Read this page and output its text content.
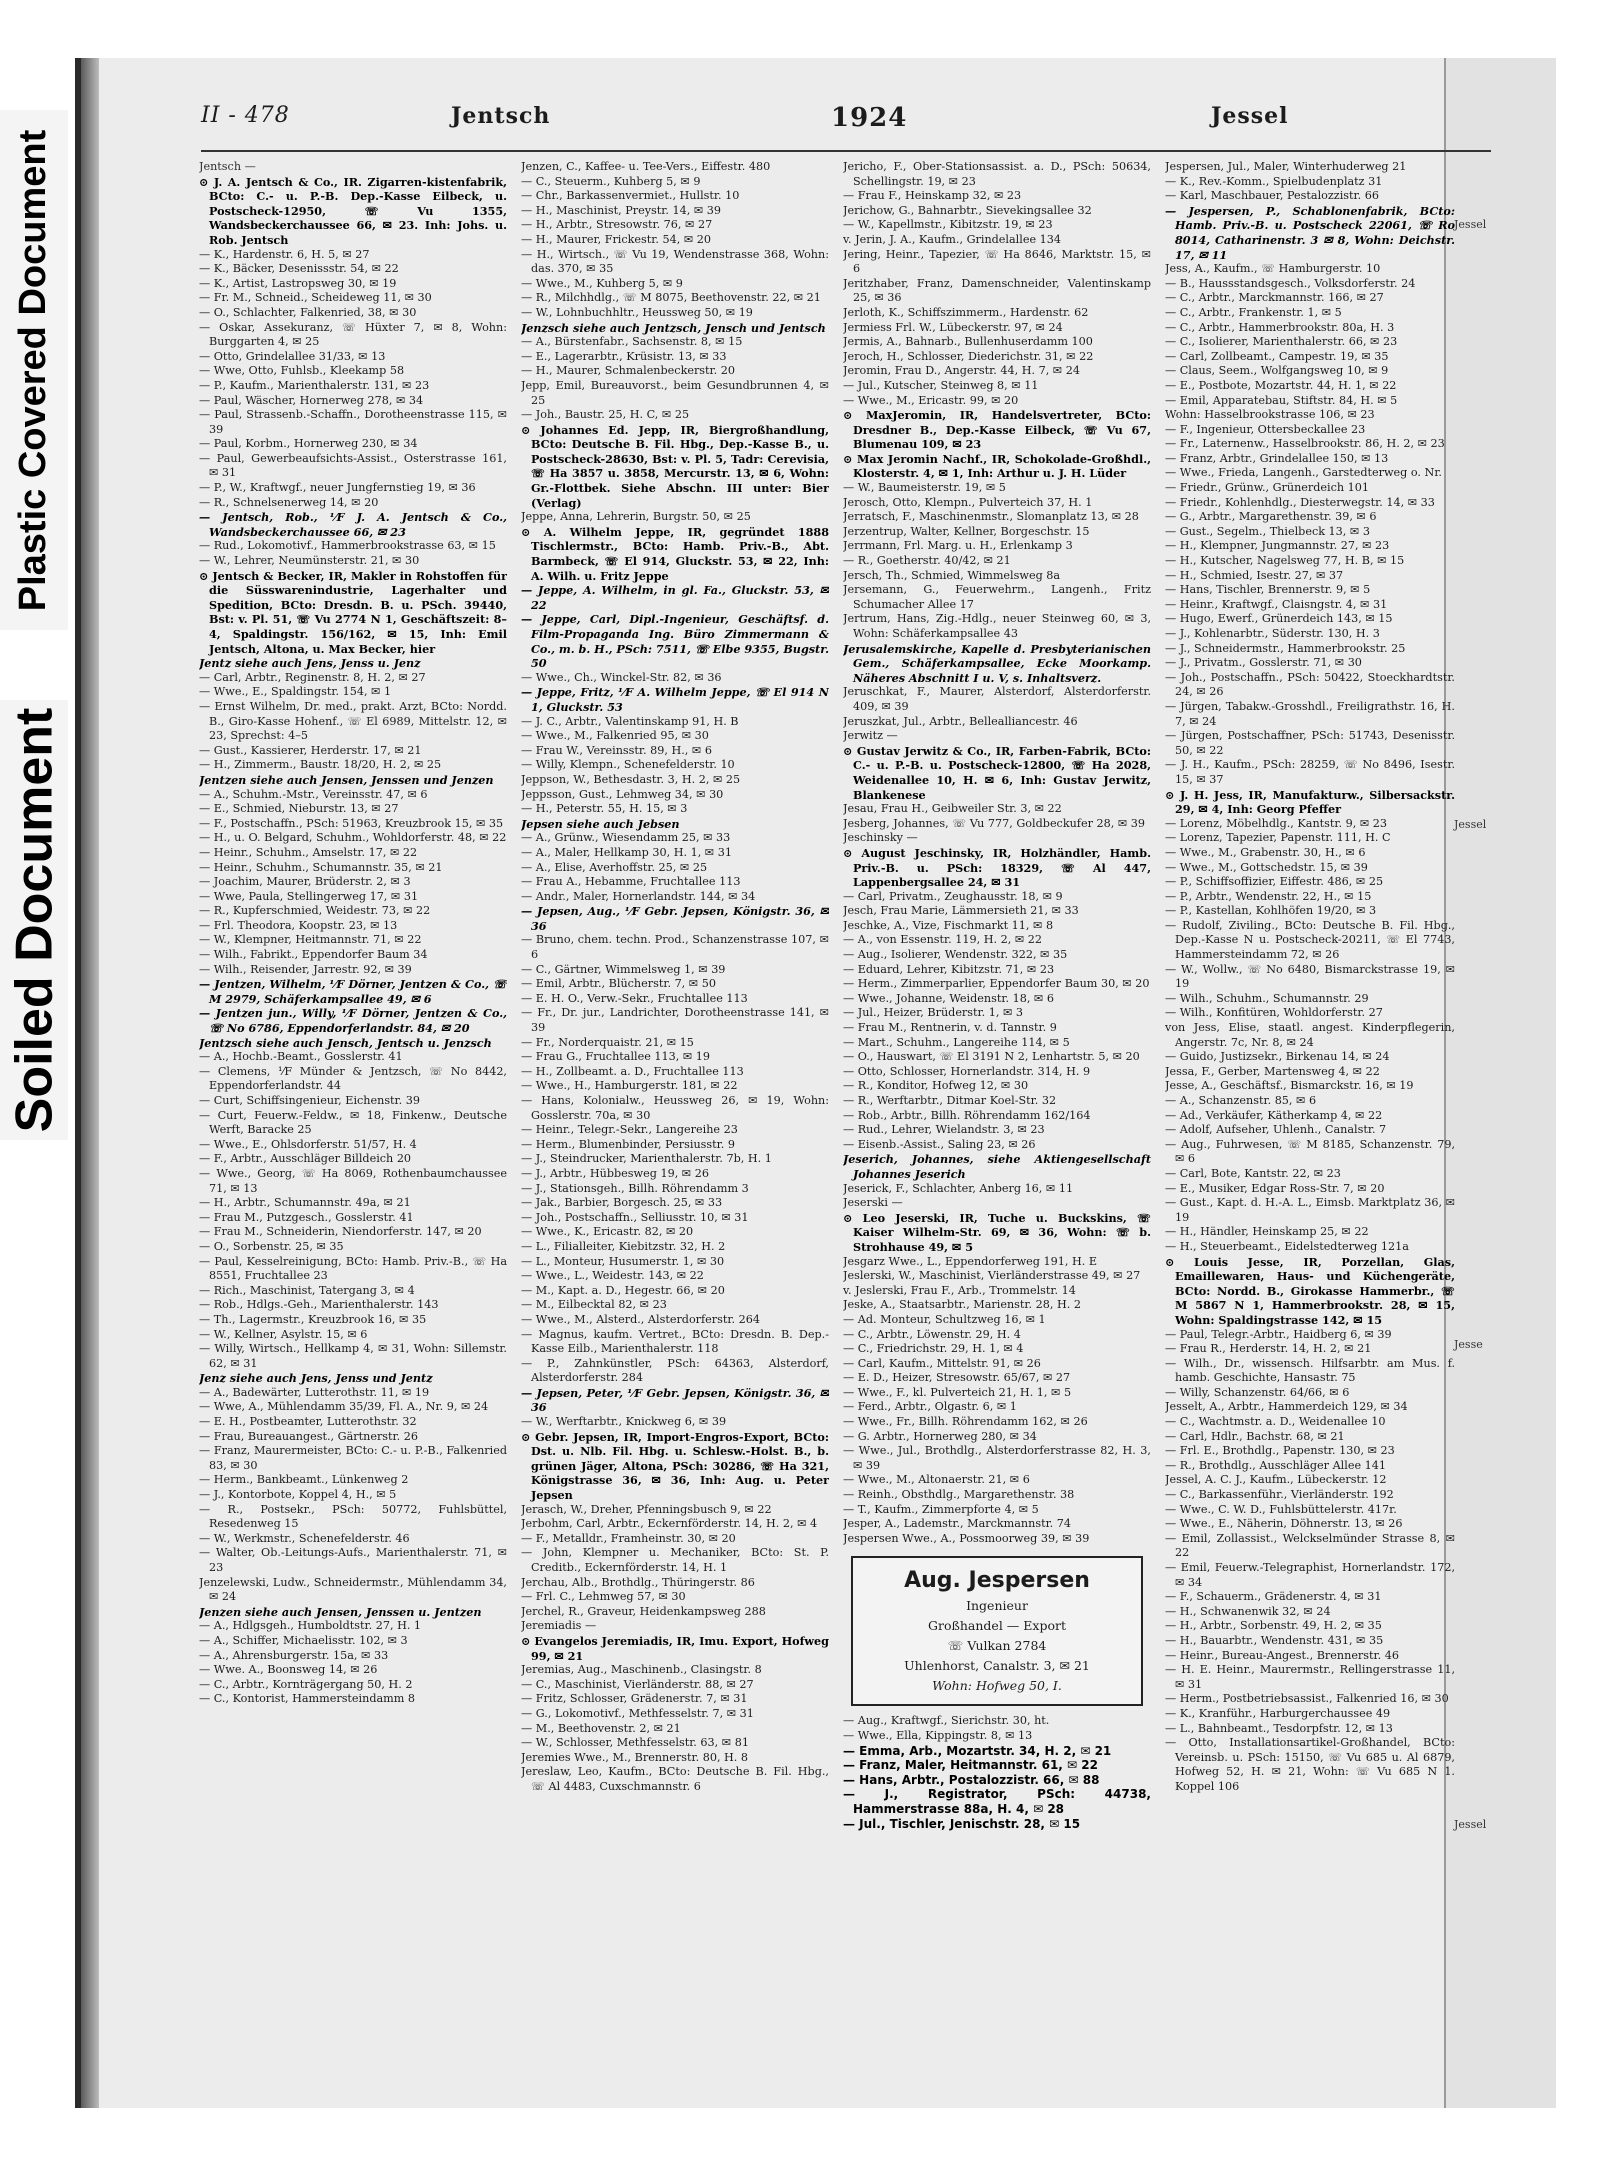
Plastic Covered Document
Soiled Document
Jessel
Jessel
Jesse
Jessel
II - 478	Jentsch	1924	Jessel

Jentsch —

⊙ J. A. Jentsch & Co., IR. Zigarren-kistenfabrik, BCto: C.- u. P.-B. Dep.-Kasse Eilbeck, u. Postscheck-12950, ☏ Vu 1355, Wandsbeckerchaussee 66, ✉ 23. Inh: Johs. u. Rob. Jentsch

— K., Hardenstr. 6, H. 5, ✉ 27

— K., Bäcker, Desenissstr. 54, ✉ 22

— K., Artist, Lastropsweg 30, ✉ 19

— Fr. M., Schneid., Scheideweg 11, ✉ 30

— O., Schlachter, Falkenried, 38, ✉ 30

— Oskar, Assekuranz, ☏ Hüxter 7, ✉ 8, Wohn: Burggarten 4, ✉ 25

— Otto, Grindelallee 31/33, ✉ 13

— Wwe, Otto, Fuhlsb., Kleekamp 58

— P., Kaufm., Marienthalerstr. 131, ✉ 23

— Paul, Wäscher, Hornerweg 278, ✉ 34

— Paul, Strassenb.-Schaffn., Dorotheenstrasse 115, ✉ 39

— Paul, Korbm., Hornerweg 230, ✉ 34

— Paul, Gewerbeaufsichts-Assist., Osterstrasse 161, ✉ 31

— P., W., Kraftwgf., neuer Jungfernstieg 19, ✉ 36

— R., Schnelsenerweg 14, ✉ 20

— Jentsch, Rob., ⅟F J. A. Jentsch & Co., Wandsbeckerchaussee 66, ✉ 23

— Rud., Lokomotivf., Hammerbrookstrasse 63, ✉ 15

— W., Lehrer, Neumünsterstr. 21, ✉ 30

⊙ Jentsch & Becker, IR, Makler in Rohstoffen für die Süsswarenindustrie, Lagerhalter und Spedition, BCto: Dresdn. B. u. PSch. 39440, Bst: v. Pl. 51, ☏ Vu 2774 N 1, Geschäftszeit: 8–4, Spaldingstr. 156/162, ✉ 15, Inh: Emil Jentsch, Altona, u. Max Becker, hier

Jentz siehe auch Jens, Jenss u. Jenz

— Carl, Arbtr., Reginenstr. 8, H. 2, ✉ 27

— Wwe., E., Spaldingstr. 154, ✉ 1

— Ernst Wilhelm, Dr. med., prakt. Arzt, BCto: Nordd. B., Giro-Kasse Hohenf., ☏ El 6989, Mittelstr. 12, ✉ 23, Sprechst: 4–5

— Gust., Kassierer, Herderstr. 17, ✉ 21

— H., Zimmerm., Baustr. 18/20, H. 2, ✉ 25

Jentzen siehe auch Jensen, Jenssen und Jenzen

— A., Schuhm.-Mstr., Vereinsstr. 47, ✉ 6

— E., Schmied, Nieburstr. 13, ✉ 27

— F., Postschaffn., PSch: 51963, Kreuzbrook 15, ✉ 35

— H., u. O. Belgard, Schuhm., Wohldorferstr. 48, ✉ 22

— Heinr., Schuhm., Amselstr. 17, ✉ 22

— Heinr., Schuhm., Schumannstr. 35, ✉ 21

— Joachim, Maurer, Brüderstr. 2, ✉ 3

— Wwe, Paula, Stellingerweg 17, ✉ 31

— R., Kupferschmied, Weidestr. 73, ✉ 22

— Frl. Theodora, Koopstr. 23, ✉ 13

— W., Klempner, Heitmannstr. 71, ✉ 22

— Wilh., Fabrikt., Eppendorfer Baum 34

— Wilh., Reisender, Jarrestr. 92, ✉ 39

— Jentzen, Wilhelm, ⅟F Dörner, Jentzen & Co., ☏ M 2979, Schäferkampsallee 49, ✉ 6

— Jentzen jun., Willy, ⅟F Dörner, Jentzen & Co., ☏ No 6786, Eppendorferlandstr. 84, ✉ 20

Jentzsch siehe auch Jensch, Jentsch u. Jenzsch

— A., Hochb.-Beamt., Gosslerstr. 41

— Clemens, ⅟F Münder & Jentzsch, ☏ No 8442, Eppendorferlandstr. 44

— Curt, Schiffsingenieur, Eichenstr. 39

— Curt, Feuerw.-Feldw., ✉ 18, Finkenw., Deutsche Werft, Baracke 25

— Wwe., E., Ohlsdorferstr. 51/57, H. 4

— F., Arbtr., Ausschläger Billdeich 20

— Wwe., Georg, ☏ Ha 8069, Rothenbaumchaussee 71, ✉ 13

— H., Arbtr., Schumannstr. 49a, ✉ 21

— Frau M., Putzgesch., Gosslerstr. 41

— Frau M., Schneiderin, Niendorferstr. 147, ✉ 20

— O., Sorbenstr. 25, ✉ 35

— Paul, Kesselreinigung, BCto: Hamb. Priv.-B., ☏ Ha 8551, Fruchtallee 23

— Rich., Maschinist, Tatergang 3, ✉ 4

— Rob., Hdlgs.-Geh., Marienthalerstr. 143

— Th., Lagermstr., Kreuzbrook 16, ✉ 35

— W., Kellner, Asylstr. 15, ✉ 6

— Willy, Wirtsch., Hellkamp 4, ✉ 31, Wohn: Sillemstr. 62, ✉ 31

Jenz siehe auch Jens, Jenss und Jentz

— A., Badewärter, Lutterothstr. 11, ✉ 19

— Wwe, A., Mühlendamm 35/39, Fl. A., Nr. 9, ✉ 24

— E. H., Postbeamter, Lutterothstr. 32

— Frau, Bureauangest., Gärtnerstr. 26

— Franz, Maurermeister, BCto: C.- u. P.-B., Falkenried 83, ✉ 30

— Herm., Bankbeamt., Lünkenweg 2

— J., Kontorbote, Koppel 4, H., ✉ 5

— R., Postsekr., PSch: 50772, Fuhlsbüttel, Resedenweg 15

— W., Werkmstr., Schenefelderstr. 46

— Walter, Ob.-Leitungs-Aufs., Marienthalerstr. 71, ✉ 23

Jenzelewski, Ludw., Schneidermstr., Mühlendamm 34, ✉ 24

Jenzen siehe auch Jensen, Jenssen u. Jentzen

— A., Hdlgsgeh., Humboldtstr. 27, H. 1

— A., Schiffer, Michaelisstr. 102, ✉ 3

— A., Ahrensburgerstr. 15a, ✉ 33

— Wwe. A., Boonsweg 14, ✉ 26

— C., Arbtr., Kornträgergang 50, H. 2

— C., Kontorist, Hammersteindamm 8

Jenzen, C., Kaffee- u. Tee-Vers., Eiffestr. 480

— C., Steuerm., Kuhberg 5, ✉ 9

— Chr., Barkassenvermiet., Hullstr. 10

— H., Maschinist, Preystr. 14, ✉ 39

— H., Arbtr., Stresowstr. 76, ✉ 27

— H., Maurer, Frickestr. 54, ✉ 20

— H., Wirtsch., ☏ Vu 19, Wendenstrasse 368, Wohn: das. 370, ✉ 35

— Wwe., M., Kuhberg 5, ✉ 9

— R., Milchhdlg., ☏ M 8075, Beethovenstr. 22, ✉ 21

— W., Lohnbuchhltr., Heussweg 50, ✉ 19

Jenzsch siehe auch Jentzsch, Jensch und Jentsch

— A., Bürstenfabr., Sachsenstr. 8, ✉ 15

— E., Lagerarbtr., Krüsistr. 13, ✉ 33

— H., Maurer, Schmalenbeckerstr. 20

Jepp, Emil, Bureauvorst., beim Gesundbrunnen 4, ✉ 25

— Joh., Baustr. 25, H. C, ✉ 25

⊙ Johannes Ed. Jepp, IR, Biergroßhandlung, BCto: Deutsche B. Fil. Hbg., Dep.-Kasse B., u. Postscheck-28630, Bst: v. Pl. 5, Tadr: Cerevisia, ☏ Ha 3857 u. 3858, Mercurstr. 13, ✉ 6, Wohn: Gr.-Flottbek. Siehe Abschn. III unter: Bier (Verlag)

Jeppe, Anna, Lehrerin, Burgstr. 50, ✉ 25

⊙ A. Wilhelm Jeppe, IR, gegründet 1888 Tischlermstr., BCto: Hamb. Priv.-B., Abt. Barmbeck, ☏ El 914, Gluckstr. 53, ✉ 22, Inh: A. Wilh. u. Fritz Jeppe

— Jeppe, A. Wilhelm, in gl. Fa., Gluckstr. 53, ✉ 22

— Jeppe, Carl, Dipl.-Ingenieur, Geschäftsf. d. Film-Propaganda Ing. Büro Zimmermann & Co., m. b. H., PSch: 7511, ☏ Elbe 9355, Bugstr. 50

— Wwe., Ch., Winckel-Str. 82, ✉ 36

— Jeppe, Fritz, ⅟F A. Wilhelm Jeppe, ☏ El 914 N 1, Gluckstr. 53

— J. C., Arbtr., Valentinskamp 91, H. B

— Wwe., M., Falkenried 95, ✉ 30

— Frau W., Vereinsstr. 89, H., ✉ 6

— Willy, Klempn., Schenefelderstr. 10

Jeppson, W., Bethesdastr. 3, H. 2, ✉ 25

Jeppsson, Gust., Lehmweg 34, ✉ 30

— H., Peterstr. 55, H. 15, ✉ 3

Jepsen siehe auch Jebsen

— A., Grünw., Wiesendamm 25, ✉ 33

— A., Maler, Hellkamp 30, H. 1, ✉ 31

— A., Elise, Averhoffstr. 25, ✉ 25

— Frau A., Hebamme, Fruchtallee 113

— Andr., Maler, Hornerlandstr. 144, ✉ 34

— Jepsen, Aug., ⅟F Gebr. Jepsen, Königstr. 36, ✉ 36

— Bruno, chem. techn. Prod., Schanzenstrasse 107, ✉ 6

— C., Gärtner, Wimmelsweg 1, ✉ 39

— Emil, Arbtr., Blücherstr. 7, ✉ 50

— E. H. O., Verw.-Sekr., Fruchtallee 113

— Fr., Dr. jur., Landrichter, Dorotheenstrasse 141, ✉ 39

— Fr., Norderquaistr. 21, ✉ 15

— Frau G., Fruchtallee 113, ✉ 19

— H., Zollbeamt. a. D., Fruchtallee 113

— Wwe., H., Hamburgerstr. 181, ✉ 22

— Hans, Kolonialw., Heussweg 26, ✉ 19, Wohn: Gosslerstr. 70a, ✉ 30

— Heinr., Telegr.-Sekr., Langereihe 23

— Herm., Blumenbinder, Persiusstr. 9

— J., Steindrucker, Marienthalerstr. 7b, H. 1

— J., Arbtr., Hübbesweg 19, ✉ 26

— J., Stationsgeh., Billh. Röhrendamm 3

— Jak., Barbier, Borgesch. 25, ✉ 33

— Joh., Postschaffn., Selliusstr. 10, ✉ 31

— Wwe., K., Ericastr. 82, ✉ 20

— L., Filialleiter, Kiebitzstr. 32, H. 2

— L., Monteur, Husumerstr. 1, ✉ 30

— Wwe., L., Weidestr. 143, ✉ 22

— M., Kapt. a. D., Hegestr. 66, ✉ 20

— M., Eilbecktal 82, ✉ 23

— Wwe., M., Alsterd., Alsterdorferstr. 264

— Magnus, kaufm. Vertret., BCto: Dresdn. B. Dep.-Kasse Eilb., Marienthalerstr. 118

— P., Zahnkünstler, PSch: 64363, Alsterdorf, Alsterdorferstr. 284

— Jepsen, Peter, ⅟F Gebr. Jepsen, Königstr. 36, ✉ 36

— W., Werftarbtr., Knickweg 6, ✉ 39

⊙ Gebr. Jepsen, IR, Import-Engros-Export, BCto: Dst. u. Nlb. Fil. Hbg. u. Schlesw.-Holst. B., b. grünen Jäger, Altona, PSch: 30286, ☏ Ha 321, Königstrasse 36, ✉ 36, Inh: Aug. u. Peter Jepsen

Jerasch, W., Dreher, Pfenningsbusch 9, ✉ 22

Jerbohm, Carl, Arbtr., Eckernförderstr. 14, H. 2, ✉ 4

— F., Metalldr., Framheinstr. 30, ✉ 20

— John, Klempner u. Mechaniker, BCto: St. P. Creditb., Eckernförderstr. 14, H. 1

Jerchau, Alb., Brothdlg., Thüringerstr. 86

— Frl. C., Lehmweg 57, ✉ 30

Jerchel, R., Graveur, Heidenkampsweg 288

Jeremiadis —

⊙ Evangelos Jeremiadis, IR, Imu. Export, Hofweg 99, ✉ 21

Jeremias, Aug., Maschinenb., Clasingstr. 8

— C., Maschinist, Vierländerstr. 88, ✉ 27

— Fritz, Schlosser, Grädenerstr. 7, ✉ 31

— G., Lokomotivf., Methfesselstr. 7, ✉ 31

— M., Beethovenstr. 2, ✉ 21

— W., Schlosser, Methfesselstr. 63, ✉ 81

Jeremies Wwe., M., Brennerstr. 80, H. 8

Jereslaw, Leo, Kaufm., BCto: Deutsche B. Fil. Hbg., ☏ Al 4483, Cuxschmannstr. 6

Jericho, F., Ober-Stationsassist. a. D., PSch: 50634, Schellingstr. 19, ✉ 23

— Frau F., Heinskamp 32, ✉ 23

Jerichow, G., Bahnarbtr., Sievekingsallee 32

— W., Kapellmstr., Kibitzstr. 19, ✉ 23

v. Jerin, J. A., Kaufm., Grindelallee 134

Jering, Heinr., Tapezier, ☏ Ha 8646, Marktstr. 15, ✉ 6

Jeritzhaber, Franz, Damenschneider, Valentinskamp 25, ✉ 36

Jerloth, K., Schiffszimmerm., Hardenstr. 62

Jermiess Frl. W., Lübeckerstr. 97, ✉ 24

Jermis, A., Bahnarb., Bullenhuserdamm 100

Jeroch, H., Schlosser, Diederichstr. 31, ✉ 22

Jeromin, Frau D., Angerstr. 44, H. 7, ✉ 24

— Jul., Kutscher, Steinweg 8, ✉ 11

— Wwe., M., Ericastr. 99, ✉ 20

⊙ MaxJeromin, IR, Handelsvertreter, BCto: Dresdner B., Dep.-Kasse Eilbeck, ☏ Vu 67, Blumenau 109, ✉ 23

⊙ Max Jeromin Nachf., IR, Schokolade-Großhdl., Klosterstr. 4, ✉ 1, Inh: Arthur u. J. H. Lüder

— W., Baumeisterstr. 19, ✉ 5

Jerosch, Otto, Klempn., Pulverteich 37, H. 1

Jerratsch, F., Maschinenmstr., Slomanplatz 13, ✉ 28

Jerzentrup, Walter, Kellner, Borgeschstr. 15

Jerrmann, Frl. Marg. u. H., Erlenkamp 3

— R., Goetherstr. 40/42, ✉ 21

Jersch, Th., Schmied, Wimmelsweg 8a

Jersemann, G., Feuerwehrm., Langenh., Fritz Schumacher Allee 17

Jertrum, Hans, Zig.-Hdlg., neuer Steinweg 60, ✉ 3, Wohn: Schäferkampsallee 43

Jerusalemskirche, Kapelle d. Presbyterianischen Gem., Schäferkampsallee, Ecke Moorkamp. Näheres Abschnitt I u. V, s. Inhaltsverz.

Jeruschkat, F., Maurer, Alsterdorf, Alsterdorferstr. 409, ✉ 39

Jeruszkat, Jul., Arbtr., Bellealliancestr. 46

Jerwitz —

⊙ Gustav Jerwitz & Co., IR, Farben-Fabrik, BCto: C.- u. P.-B. u. Postscheck-12800, ☏ Ha 2028, Weidenallee 10, H. ✉ 6, Inh: Gustav Jerwitz, Blankenese

Jesau, Frau H., Geibweiler Str. 3, ✉ 22

Jesberg, Johannes, ☏ Vu 777, Goldbeckufer 28, ✉ 39

Jeschinsky —

⊙ August Jeschinsky, IR, Holzhändler, Hamb. Priv.-B. u. PSch: 18329, ☏ Al 447, Lappenbergsallee 24, ✉ 31

— Carl, Privatm., Zeughausstr. 18, ✉ 9

Jesch, Frau Marie, Lämmersieth 21, ✉ 33

Jeschke, A., Vize, Fischmarkt 11, ✉ 8

— A., von Essenstr. 119, H. 2, ✉ 22

— Aug., Isolierer, Wendenstr. 322, ✉ 35

— Eduard, Lehrer, Kibitzstr. 71, ✉ 23

— Herm., Zimmerparlier, Eppendorfer Baum 30, ✉ 20

— Wwe., Johanne, Weidenstr. 18, ✉ 6

— Jul., Heizer, Brüderstr. 1, ✉ 3

— Frau M., Rentnerin, v. d. Tannstr. 9

— Mart., Schuhm., Langereihe 114, ✉ 5

— O., Hauswart, ☏ El 3191 N 2, Lenhartstr. 5, ✉ 20

— Otto, Schlosser, Hornerlandstr. 314, H. 9

— R., Konditor, Hofweg 12, ✉ 30

— R., Werftarbtr., Ditmar Koel-Str. 32

— Rob., Arbtr., Billh. Röhrendamm 162/164

— Rud., Lehrer, Wielandstr. 3, ✉ 23

— Eisenb.-Assist., Saling 23, ✉ 26

Jeserich, Johannes, siehe Aktiengesellschaft Johannes Jeserich

Jeserick, F., Schlachter, Anberg 16, ✉ 11

Jeserski —

⊙ Leo Jeserski, IR, Tuche u. Buckskins, ☏ Kaiser Wilhelm-Str. 69, ✉ 36, Wohn: ☏ b. Strohhause 49, ✉ 5

Jesgarz Wwe., L., Eppendorferweg 191, H. E

Jeslerski, W., Maschinist, Vierländerstrasse 49, ✉ 27

v. Jeslerski, Frau F., Arb., Trommelstr. 14

Jeske, A., Staatsarbtr., Marienstr. 28, H. 2

— Ad. Monteur, Schultzweg 16, ✉ 1

— C., Arbtr., Löwenstr. 29, H. 4

— C., Friedrichstr. 29, H. 1, ✉ 4

— Carl, Kaufm., Mittelstr. 91, ✉ 26

— E. D., Heizer, Stresowstr. 65/67, ✉ 27

— Wwe., F., kl. Pulverteich 21, H. 1, ✉ 5

— Ferd., Arbtr., Olgastr. 6, ✉ 1

— Wwe., Fr., Billh. Röhrendamm 162, ✉ 26

— G. Arbtr., Hornerweg 280, ✉ 34

— Wwe., Jul., Brothdlg., Alsterdorferstrasse 82, H. 3, ✉ 39

— Wwe., M., Altonaerstr. 21, ✉ 6

— Reinh., Obsthdlg., Margarethenstr. 38

— T., Kaufm., Zimmerpforte 4, ✉ 5

Jesper, A., Lademstr., Marckmannstr. 74

Jespersen Wwe., A., Possmoorweg 39, ✉ 39

Aug. Jespersen
Ingenieur
Großhandel — Export
☏ Vulkan 2784
Uhlenhorst, Canalstr. 3, ✉ 21
Wohn: Hofweg 50, I.

— Aug., Kraftwgf., Sierichstr. 30, ht.

— Wwe., Ella, Kippingstr. 8, ✉ 13

— Emma, Arb., Mozartstr. 34, H. 2, ✉ 21

— Franz, Maler, Heitmannstr. 61, ✉ 22

— Hans, Arbtr., Postalozzistr. 66, ✉ 88

— J., Registrator, PSch: 44738, Hammerstrasse 88a, H. 4, ✉ 28

— Jul., Tischler, Jenischstr. 28, ✉ 15

Jespersen, Jul., Maler, Winterhuderweg 21

— K., Rev.-Komm., Spielbudenplatz 31

— Karl, Maschbauer, Pestalozzistr. 66

— Jespersen, P., Schablonenfabrik, BCto: Hamb. Priv.-B. u. Postscheck 22061, ☏ Ro 8014, Catharinenstr. 3 ✉ 8, Wohn: Deichstr. 17, ✉ 11

Jess, A., Kaufm., ☏ Hamburgerstr. 10

— B., Haussstandsgesch., Volksdorferstr. 24

— C., Arbtr., Marckmannstr. 166, ✉ 27

— C., Arbtr., Frankenstr. 1, ✉ 5

— C., Arbtr., Hammerbrookstr. 80a, H. 3

— C., Isolierer, Marienthalerstr. 66, ✉ 23

— Carl, Zollbeamt., Campestr. 19, ✉ 35

— Claus, Seem., Wolfgangsweg 10, ✉ 9

— E., Postbote, Mozartstr. 44, H. 1, ✉ 22

— Emil, Apparatebau, Stiftstr. 84, H. ✉ 5

Wohn: Hasselbrookstrasse 106, ✉ 23

— F., Ingenieur, Ottersbeckallee 23

— Fr., Laternenw., Hasselbrookstr. 86, H. 2, ✉ 23

— Franz, Arbtr., Grindelallee 150, ✉ 13

— Wwe., Frieda, Langenh., Garstedterweg o. Nr.

— Friedr., Grünw., Grünerdeich 101

— Friedr., Kohlenhdlg., Diesterwegstr. 14, ✉ 33

— G., Arbtr., Margarethenstr. 39, ✉ 6

— Gust., Segelm., Thielbeck 13, ✉ 3

— H., Klempner, Jungmannstr. 27, ✉ 23

— H., Kutscher, Nagelsweg 77, H. B, ✉ 15

— H., Schmied, Isestr. 27, ✉ 37

— Hans, Tischler, Brennerstr. 9, ✉ 5

— Heinr., Kraftwgf., Claisngstr. 4, ✉ 31

— Hugo, Ewerf., Grünerdeich 143, ✉ 15

— J., Kohlenarbtr., Süderstr. 130, H. 3

— J., Schneidermstr., Hammerbrookstr. 25

— J., Privatm., Gosslerstr. 71, ✉ 30

— Joh., Postschaffn., PSch: 50422, Stoeckhardtstr. 24, ✉ 26

— Jürgen, Tabakw.-Grosshdl., Freiligrathstr. 16, H. 7, ✉ 24

— Jürgen, Postschaffner, PSch: 51743, Desenisstr. 50, ✉ 22

— J. H., Kaufm., PSch: 28259, ☏ No 8496, Isestr. 15, ✉ 37

⊙ J. H. Jess, IR, Manufakturw., Silbersackstr. 29, ✉ 4, Inh: Georg Pfeffer

— Lorenz, Möbelhdlg., Kantstr. 9, ✉ 23

— Lorenz, Tapezier, Papenstr. 111, H. C

— Wwe., M., Grabenstr. 30, H., ✉ 6

— Wwe., M., Gottschedstr. 15, ✉ 39

— P., Schiffsoffizier, Eiffestr. 486, ✉ 25

— P., Arbtr., Wendenstr. 22, H., ✉ 15

— P., Kastellan, Kohlhöfen 19/20, ✉ 3

— Rudolf, Ziviling., BCto: Deutsche B. Fil. Hbg., Dep.-Kasse N u. Postscheck-20211, ☏ El 7743, Hammersteindamm 72, ✉ 26

— W., Wollw., ☏ No 6480, Bismarckstrasse 19, ✉ 19

— Wilh., Schuhm., Schumannstr. 29

— Wilh., Konfitüren, Wohldorferstr. 27

von Jess, Elise, staatl. angest. Kinderpflegerin, Angerstr. 7c, Nr. 8, ✉ 24

— Guido, Justizsekr., Birkenau 14, ✉ 24

Jessa, F., Gerber, Martensweg 4, ✉ 22

Jesse, A., Geschäftsf., Bismarckstr. 16, ✉ 19

— A., Schanzenstr. 85, ✉ 6

— Ad., Verkäufer, Kätherkamp 4, ✉ 22

— Adolf, Aufseher, Uhlenh., Canalstr. 7

— Aug., Fuhrwesen, ☏ M 8185, Schanzenstr. 79, ✉ 6

— Carl, Bote, Kantstr. 22, ✉ 23

— E., Musiker, Edgar Ross-Str. 7, ✉ 20

— Gust., Kapt. d. H.-A. L., Eimsb. Marktplatz 36, ✉ 19

— H., Händler, Heinskamp 25, ✉ 22

— H., Steuerbeamt., Eidelstedterweg 121a

⊙ Louis Jesse, IR, Porzellan, Glas, Emaillewaren, Haus- und Küchengeräte, BCto: Nordd. B., Girokasse Hammerbr., ☏ M 5867 N 1, Hammerbrookstr. 28, ✉ 15, Wohn: Spaldingstrasse 142, ✉ 15

— Paul, Telegr.-Arbtr., Haidberg 6, ✉ 39

— Frau R., Herderstr. 14, H. 2, ✉ 21

— Wilh., Dr., wissensch. Hilfsarbtr. am Mus. f. hamb. Geschichte, Hansastr. 75

— Willy, Schanzenstr. 64/66, ✉ 6

Jesselt, A., Arbtr., Hammerdeich 129, ✉ 34

— C., Wachtmstr. a. D., Weidenallee 10

— Carl, Hdlr., Bachstr. 68, ✉ 21

— Frl. E., Brothdlg., Papenstr. 130, ✉ 23

— R., Brothdlg., Ausschläger Allee 141

Jessel, A. C. J., Kaufm., Lübeckerstr. 12

— C., Barkassenführ., Vierländerstr. 192

— Wwe., C. W. D., Fuhlsbüttelerstr. 417r.

— Wwe., E., Näherin, Döhnerstr. 13, ✉ 26

— Emil, Zollassist., Welckselmünder Strasse 8, ✉ 22

— Emil, Feuerw.-Telegraphist, Hornerlandstr. 172, ✉ 34

— F., Schauerm., Grädenerstr. 4, ✉ 31

— H., Schwanenwik 32, ✉ 24

— H., Arbtr., Sorbenstr. 49, H. 2, ✉ 35

— H., Bauarbtr., Wendenstr. 431, ✉ 35

— Heinr., Bureau-Angest., Brennerstr. 46

— H. E. Heinr., Maurermstr., Rellingerstrasse 11, ✉ 31

— Herm., Postbetriebsassist., Falkenried 16, ✉ 30

— K., Kranführ., Harburgerchaussee 49

— L., Bahnbeamt., Tesdorpfstr. 12, ✉ 13

— Otto, Installationsartikel-Großhandel, BCto: Vereinsb. u. PSch: 15150, ☏ Vu 685 u. Al 6879, Hofweg 52, H. ✉ 21, Wohn: ☏ Vu 685 N 1. Koppel 106
